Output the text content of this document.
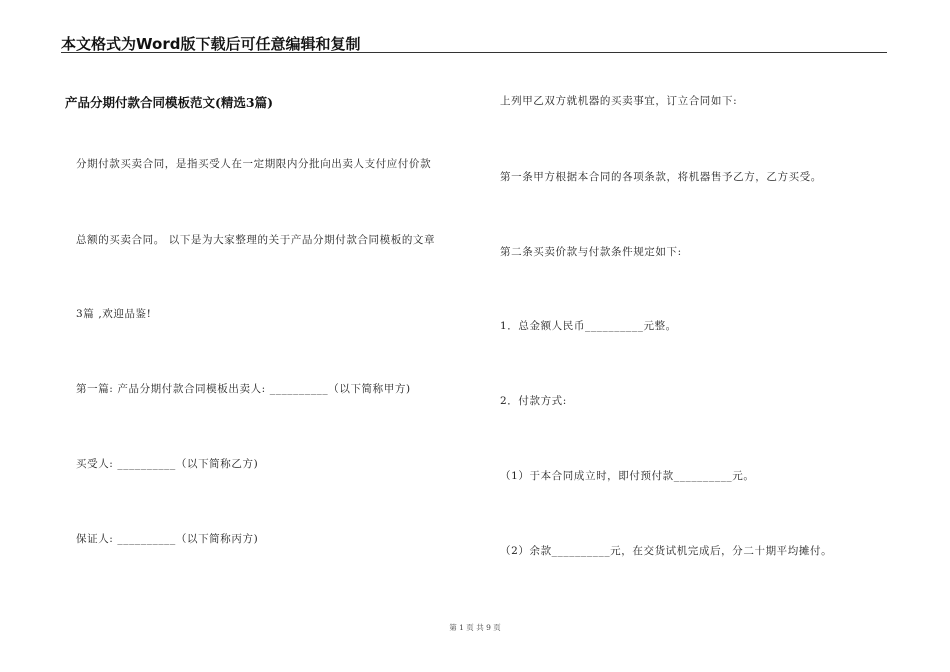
本文格式为Word版下载后可任意编辑和复制
产品分期付款合同模板范文(精选3篇)
分期付款买卖合同，是指买受人在一定期限内分批向出卖人支付应付价款
总额的买卖合同。 以下是为大家整理的关于产品分期付款合同模板的文章
3篇 ,欢迎品鉴!
第一篇: 产品分期付款合同模板出卖人: __________（以下简称甲方)
买受人: __________（以下简称乙方)
保证人: __________（以下简称丙方)
上列甲乙双方就机器的买卖事宜，订立合同如下:
第一条甲方根据本合同的各项条款，将机器售予乙方，乙方买受。
第二条买卖价款与付款条件规定如下:
1．总金额人民币__________元整。
2．付款方式:
（1）于本合同成立时，即付预付款__________元。
（2）余款__________元，在交货试机完成后，分二十期平均摊付。
第 1 页 共 9 页
